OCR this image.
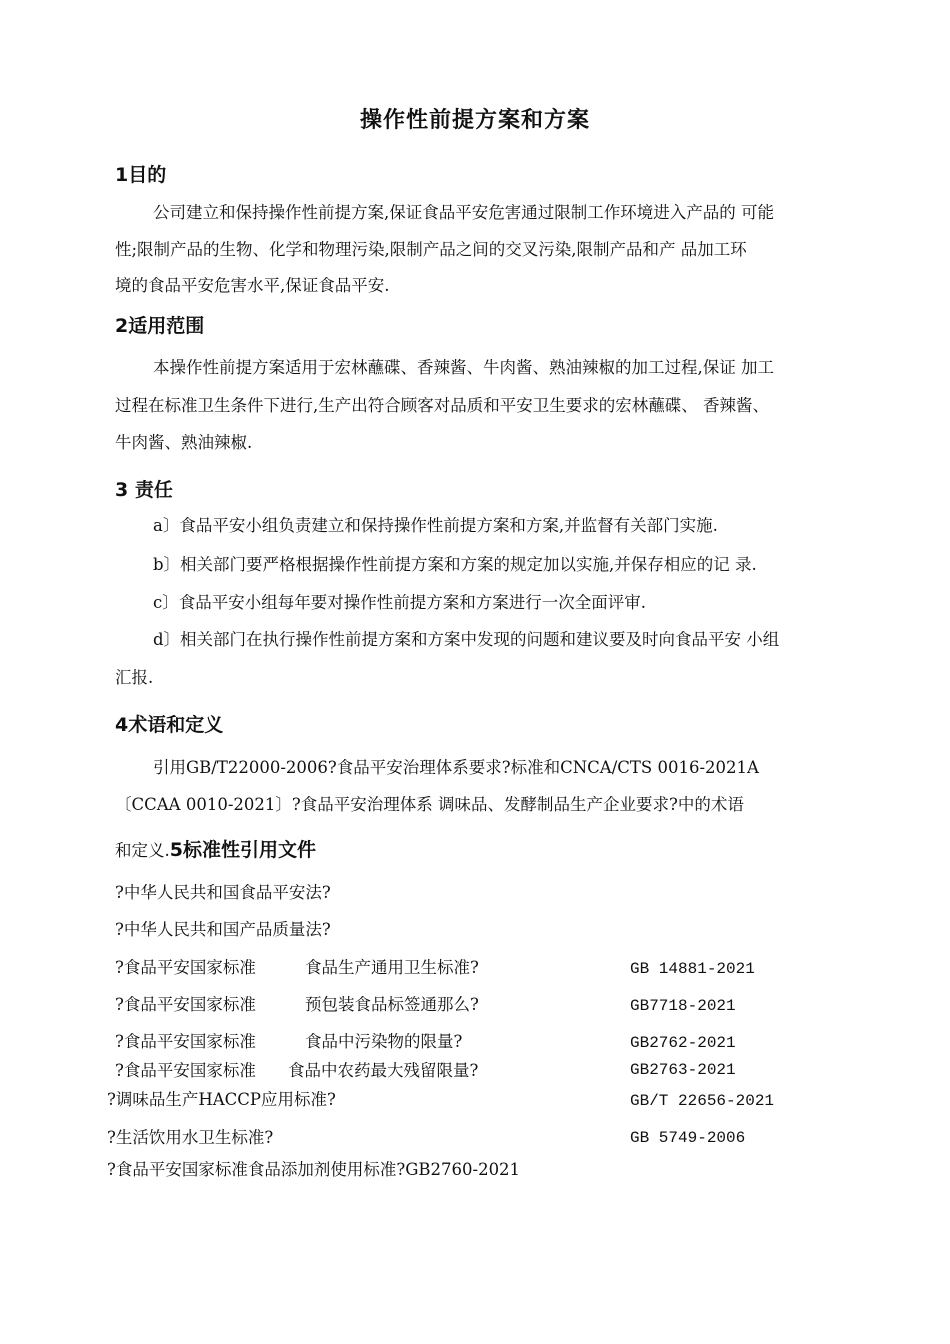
操作性前提方案和方案
1目的
公司建立和保持操作性前提方案,保证食品平安危害通过限制工作环境进入产品的 可能
性;限制产品的生物、化学和物理污染,限制产品之间的交叉污染,限制产品和产 品加工环
境的食品平安危害水平,保证食品平安.
2适用范围
本操作性前提方案适用于宏林蘸碟、香辣酱、牛肉酱、熟油辣椒的加工过程,保证 加工
过程在标准卫生条件下进行,生产出符合顾客对品质和平安卫生要求的宏林蘸碟、 香辣酱、
牛肉酱、熟油辣椒.
3 责任
a〕食品平安小组负责建立和保持操作性前提方案和方案,并监督有关部门实施.
b〕相关部门要严格根据操作性前提方案和方案的规定加以实施,并保存相应的记 录.
c〕食品平安小组每年要对操作性前提方案和方案进行一次全面评审.
d〕相关部门在执行操作性前提方案和方案中发现的问题和建议要及时向食品平安 小组
汇报.
4术语和定义
引用GB/T22000-2006?食品平安治理体系要求?标准和CNCA/CTS 0016-2021A
〔CCAA 0010-2021〕?食品平安治理体系 调味品、发酵制品生产企业要求?中的术语
和定义.5标准性引用文件
?中华人民共和国食品平安法?
?中华人民共和国产品质量法?
?食品平安国家标准	食品生产通用卫生标准?	GB 14881-2021
?食品平安国家标准	预包装食品标签通那么?	GB7718-2021
?食品平安国家标准	食品中污染物的限量?	GB2762-2021
?食品平安国家标准 食品中农药最大残留限量?	GB2763-2021
?调味品生产HACCP应用标准?	GB/T 22656-2021
?生活饮用水卫生标准?	GB 5749-2006
?食品平安国家标准食品添加剂使用标准?GB2760-2021
